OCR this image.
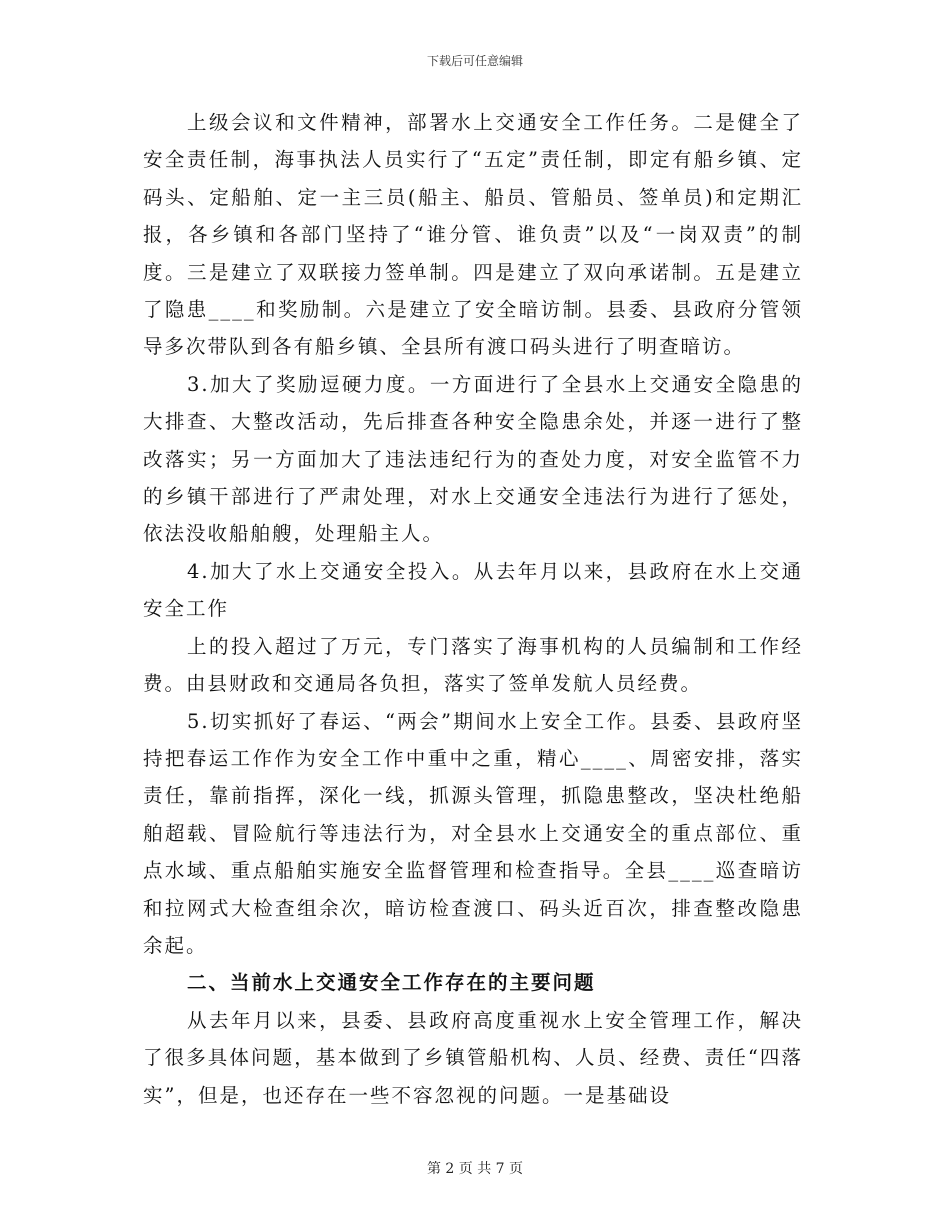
下载后可任意编辑

上级会议和文件精神，部署水上交通安全工作任务。二是健全了安全责任制，海事执法人员实行了“五定”责任制，即定有船乡镇、定码头、定船舶、定一主三员(船主、船员、管船员、签单员)和定期汇报，各乡镇和各部门坚持了“谁分管、谁负责”以及“一岗双责”的制度。三是建立了双联接力签单制。四是建立了双向承诺制。五是建立了隐患____和奖励制。六是建立了安全暗访制。县委、县政府分管领导多次带队到各有船乡镇、全县所有渡口码头进行了明查暗访。

3.加大了奖励逗硬力度。一方面进行了全县水上交通安全隐患的大排查、大整改活动，先后排查各种安全隐患余处，并逐一进行了整改落实；另一方面加大了违法违纪行为的查处力度，对安全监管不力的乡镇干部进行了严肃处理，对水上交通安全违法行为进行了惩处，依法没收船舶艘，处理船主人。

4.加大了水上交通安全投入。从去年月以来，县政府在水上交通安全工作

上的投入超过了万元，专门落实了海事机构的人员编制和工作经费。由县财政和交通局各负担，落实了签单发航人员经费。

5.切实抓好了春运、“两会”期间水上安全工作。县委、县政府坚持把春运工作作为安全工作中重中之重，精心____、周密安排，落实责任，靠前指挥，深化一线，抓源头管理，抓隐患整改，坚决杜绝船舶超载、冒险航行等违法行为，对全县水上交通安全的重点部位、重点水域、重点船舶实施安全监督管理和检查指导。全县____巡查暗访和拉网式大检查组余次，暗访检查渡口、码头近百次，排查整改隐患余起。

二、当前水上交通安全工作存在的主要问题

从去年月以来，县委、县政府高度重视水上安全管理工作，解决了很多具体问题，基本做到了乡镇管船机构、人员、经费、责任“四落实”，但是，也还存在一些不容忽视的问题。一是基础设

第 2 页 共 7 页
